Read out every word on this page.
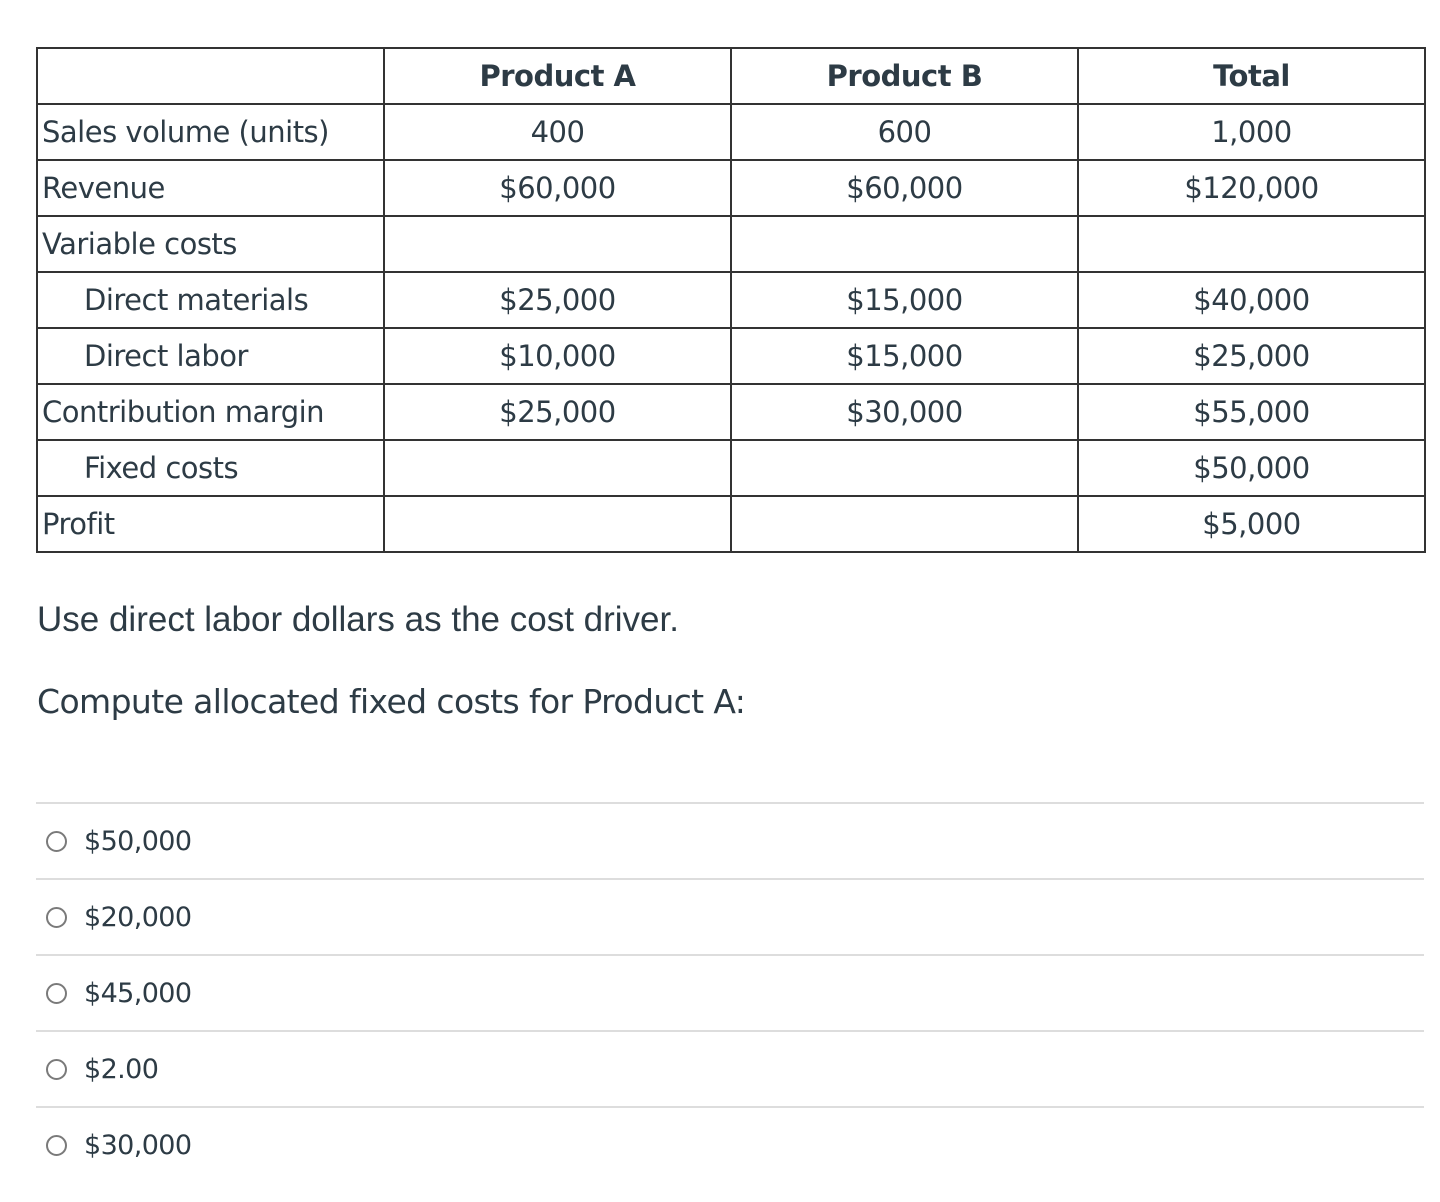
	Product A	Product B	Total
Sales volume (units)	400	600	1,000
Revenue	$60,000	$60,000	$120,000
Variable costs			
Direct materials	$25,000	$15,000	$40,000
Direct labor	$10,000	$15,000	$25,000
Contribution margin	$25,000	$30,000	$55,000
Fixed costs			$50,000
Profit			$5,000

Use direct labor dollars as the cost driver.

Compute allocated fixed costs for Product A:

$50,000
$20,000
$45,000
$2.00
$30,000
